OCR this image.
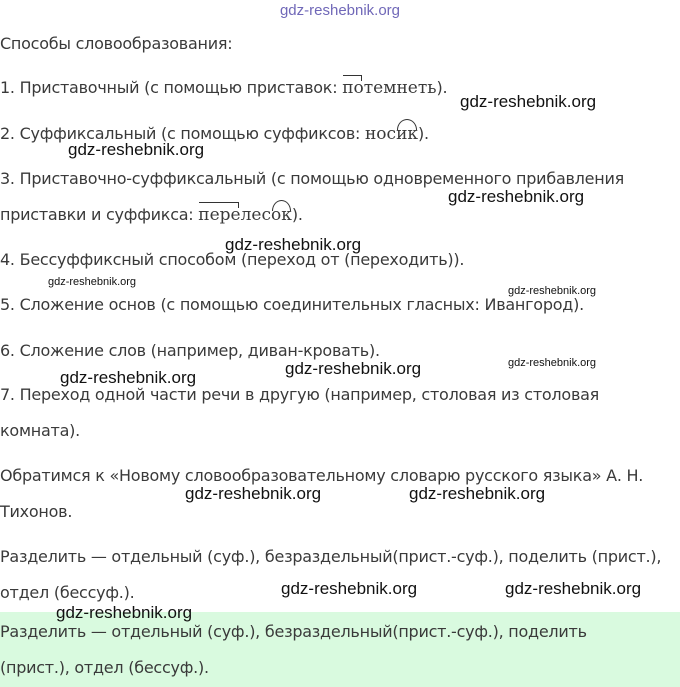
gdz-reshebnik.org
Способы словообразования:
1. Приставочный (с помощью приставок: потемнеть).
2. Суффиксальный (с помощью суффиксов: носик).
3. Приставочно-суффиксальный (с помощью одновременного прибавления
приставки и суффикса: перелесок).
4. Бессуффиксный способом (переход от (переходить)).
5. Сложение основ (с помощью соединительных гласных: Ивангород).
6. Сложение слов (например, диван-кровать).
7. Переход одной части речи в другую (например, столовая из столовая
комната).
Обратимся к «Новому словообразовательному словарю русского языка» А. Н.
Тихонов.
Разделить — отдельный (суф.), безраздельный(прист.-суф.), поделить (прист.),
отдел (бессуф.).
Разделить — отдельный (суф.), безраздельный(прист.-суф.), поделить
(прист.), отдел (бессуф.).
gdz-reshebnik.org
gdz-reshebnik.org
gdz-reshebnik.org
gdz-reshebnik.org
gdz-reshebnik.org
gdz-reshebnik.org
gdz-reshebnik.org
gdz-reshebnik.org
gdz-reshebnik.org
gdz-reshebnik.org	gdz-reshebnik.org
gdz-reshebnik.org	gdz-reshebnik.org
gdz-reshebnik.org
